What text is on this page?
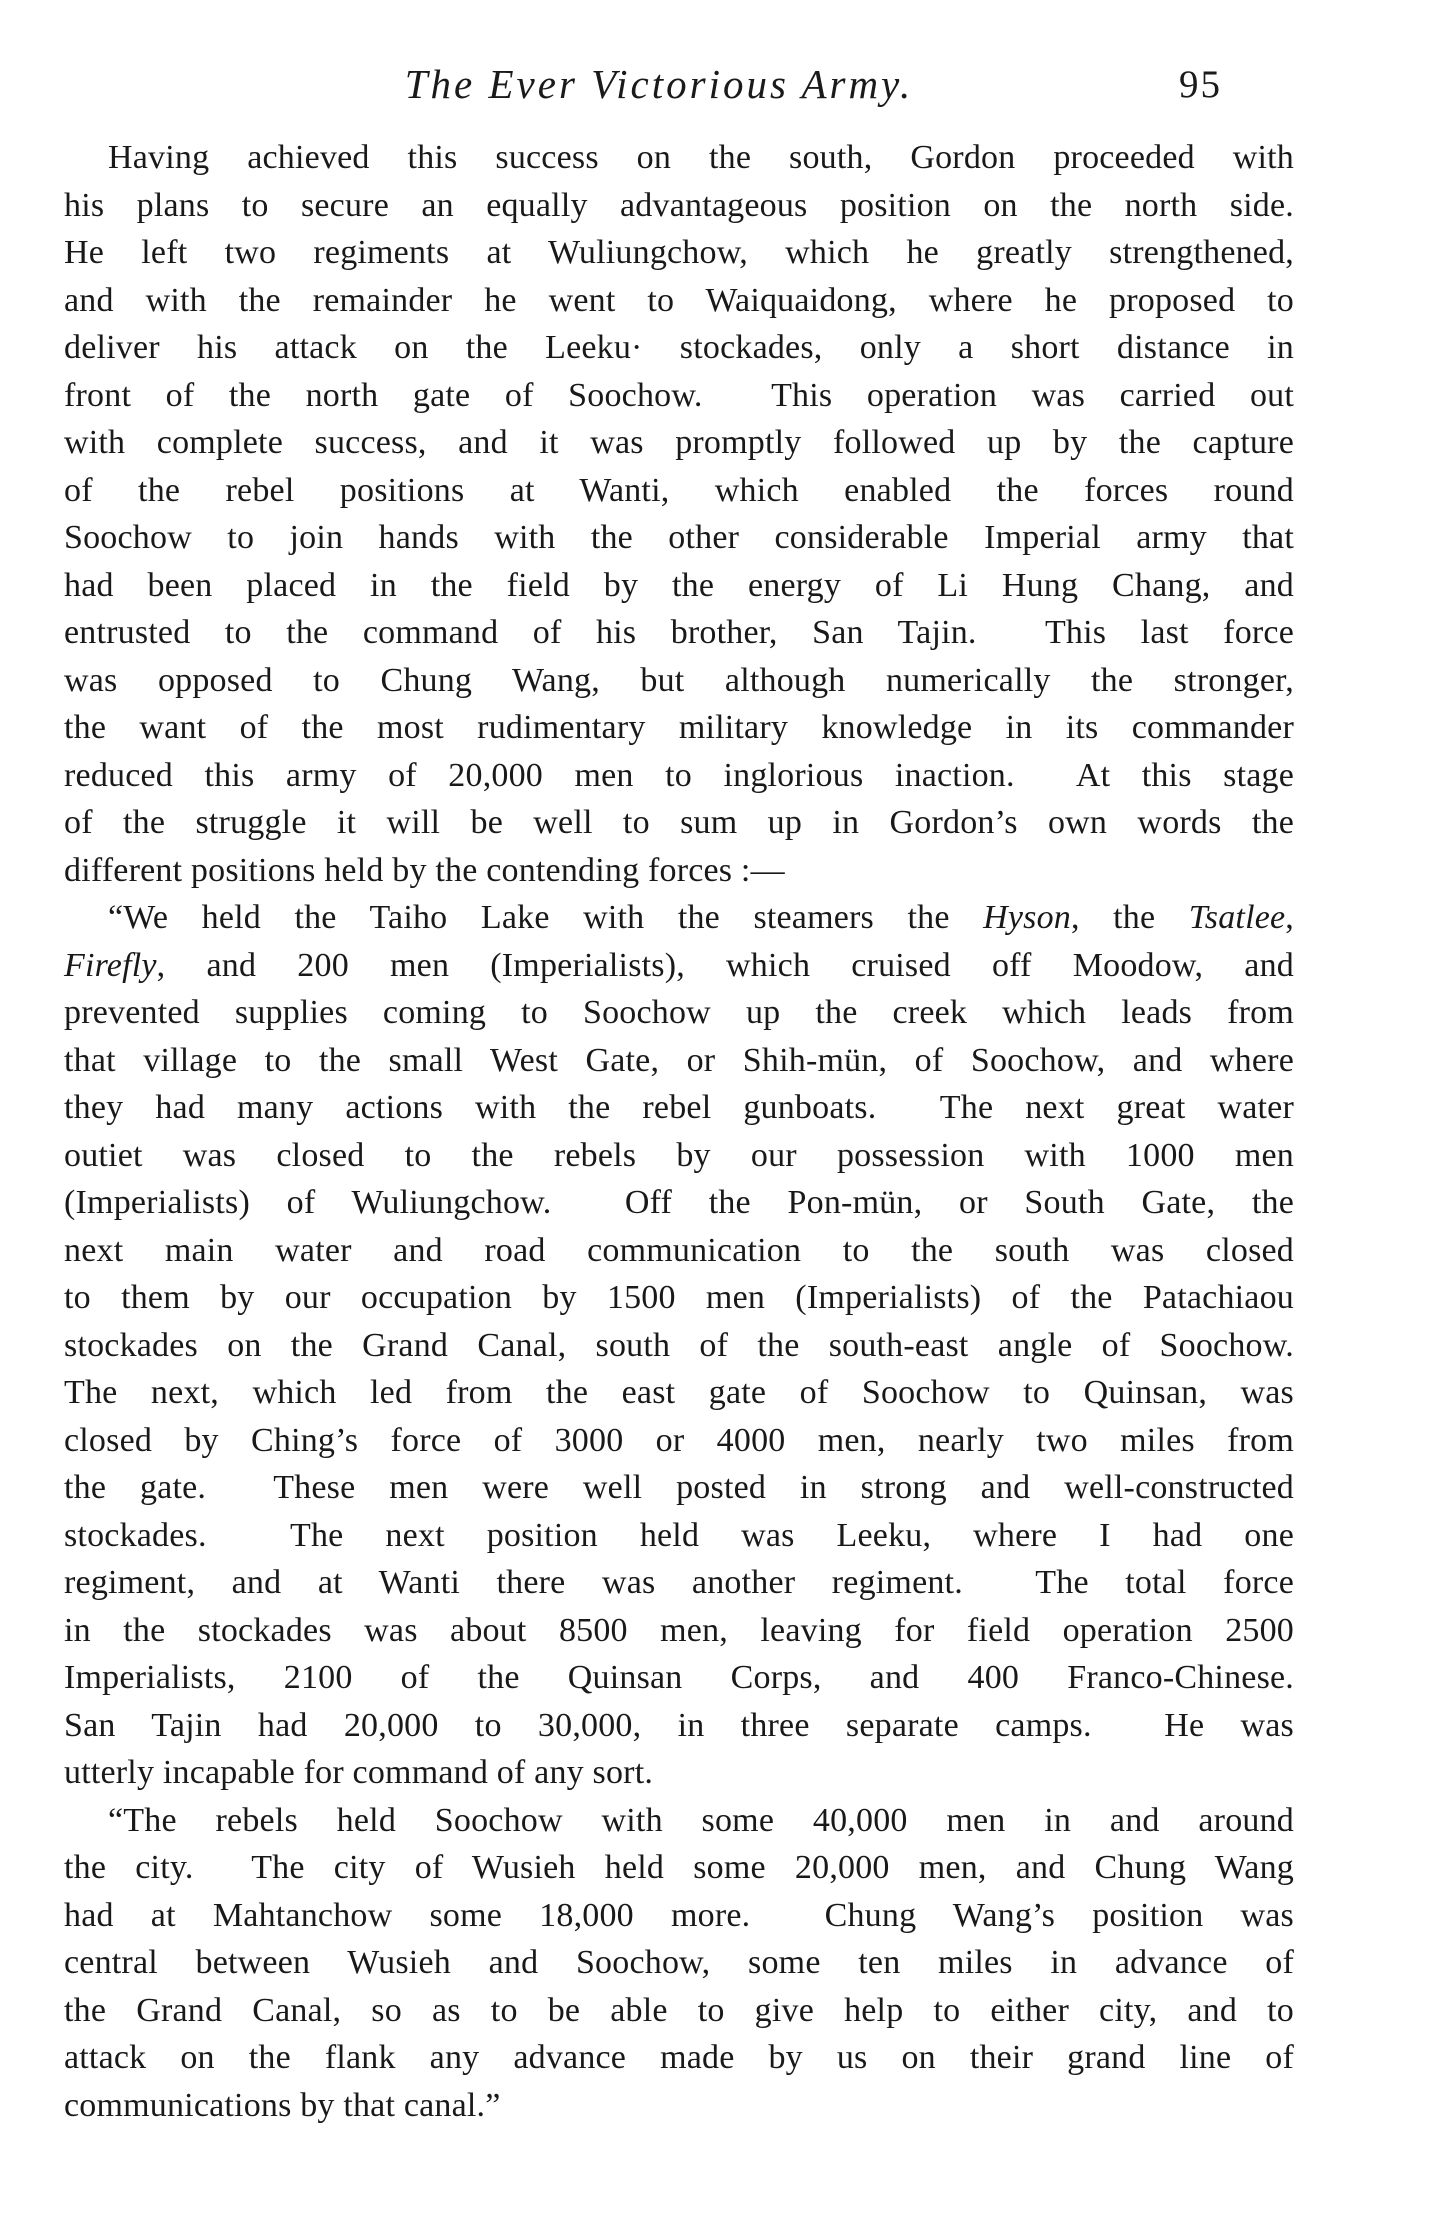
The Ever Victorious Army.	95

Having achieved this success on the south, Gordon proceeded with
his plans to secure an equally advantageous position on the north side.
He left two regiments at Wuliungchow, which he greatly strengthened,
and with the remainder he went to Waiquaidong, where he proposed to
deliver his attack on the Leeku· stockades, only a short distance in
front of the north gate of Soochow.  This operation was carried out
with complete success, and it was promptly followed up by the capture
of the rebel positions at Wanti, which enabled the forces round
Soochow to join hands with the other considerable Imperial army that
had been placed in the field by the energy of Li Hung Chang, and
entrusted to the command of his brother, San Tajin.  This last force
was opposed to Chung Wang, but although numerically the stronger,
the want of the most rudimentary military knowledge in its commander
reduced this army of 20,000 men to inglorious inaction.  At this stage
of the struggle it will be well to sum up in Gordon’s own words the
different positions held by the contending forces :—

“We held the Taiho Lake with the steamers the Hyson, the Tsatlee,
Firefly, and 200 men (Imperialists), which cruised off Moodow, and
prevented supplies coming to Soochow up the creek which leads from
that village to the small West Gate, or Shih-mün, of Soochow, and where
they had many actions with the rebel gunboats.  The next great water
outiet was closed to the rebels by our possession with 1000 men
(Imperialists) of Wuliungchow.  Off the Pon-mün, or South Gate, the
next main water and road communication to the south was closed
to them by our occupation by 1500 men (Imperialists) of the Patachiaou
stockades on the Grand Canal, south of the south-east angle of Soochow.
The next, which led from the east gate of Soochow to Quinsan, was
closed by Ching’s force of 3000 or 4000 men, nearly two miles from
the gate.  These men were well posted in strong and well-constructed
stockades.  The next position held was Leeku, where I had one
regiment, and at Wanti there was another regiment.  The total force
in the stockades was about 8500 men, leaving for field operation 2500
Imperialists, 2100 of the Quinsan Corps, and 400 Franco-Chinese.
San Tajin had 20,000 to 30,000, in three separate camps.  He was
utterly incapable for command of any sort.

“The rebels held Soochow with some 40,000 men in and around
the city.  The city of Wusieh held some 20,000 men, and Chung Wang
had at Mahtanchow some 18,000 more.  Chung Wang’s position was
central between Wusieh and Soochow, some ten miles in advance of
the Grand Canal, so as to be able to give help to either city, and to
attack on the flank any advance made by us on their grand line of
communications by that canal.”
